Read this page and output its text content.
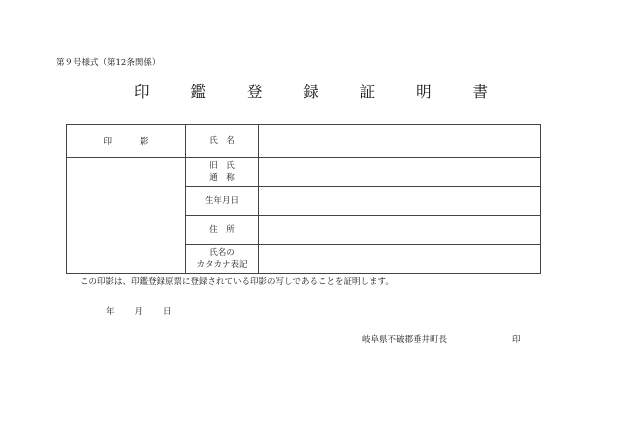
第９号様式（第12条関係）
印 鑑 登 録 証 明 書
印 影	氏　名	

	旧　氏
通　称	

	生年月日	
	住　所	

	氏名の
カタカナ表記	

この印影は、印鑑登録原票に登録されている印影の写しであることを証明します。
年 月 日
岐阜県不破郡垂井町長	印
